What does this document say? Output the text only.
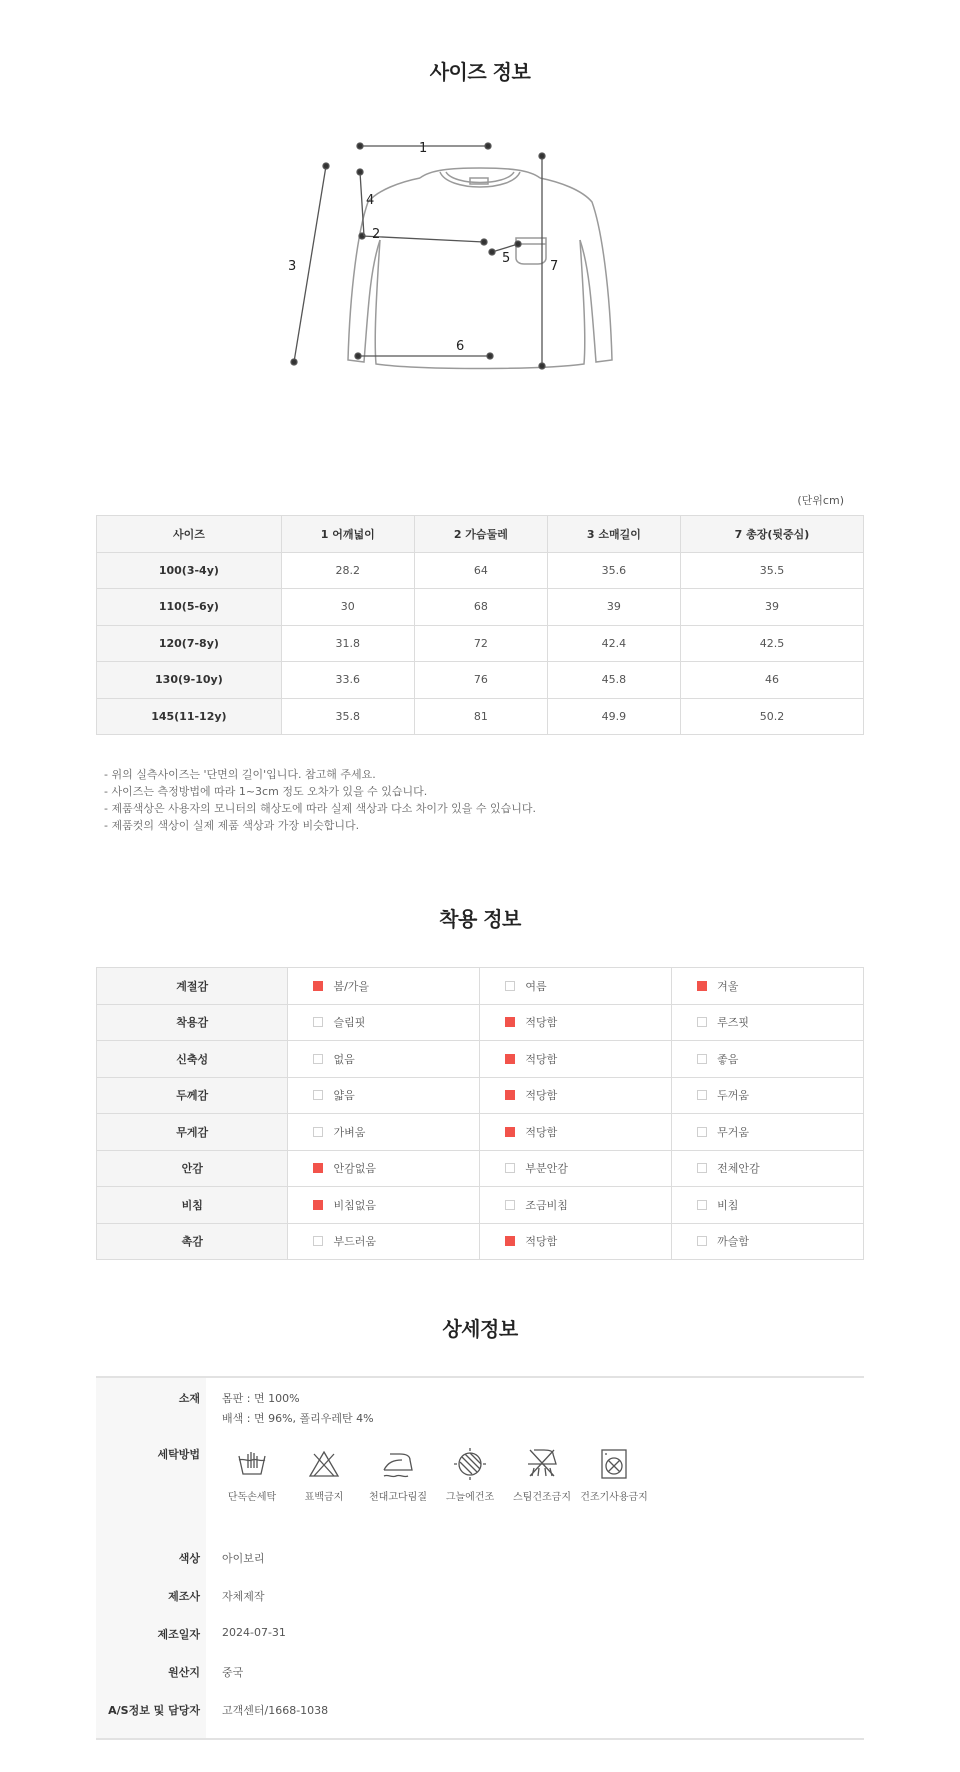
사이즈 정보
1
2
3
4
5
6
7
(단위cm)
사이즈	1 어깨넓이	2 가슴둘레	3 소매길이	7 총장(뒷중심)
100(3-4y)	28.2	64	35.6	35.5
110(5-6y)	30	68	39	39
120(7-8y)	31.8	72	42.4	42.5
130(9-10y)	33.6	76	45.8	46
145(11-12y)	35.8	81	49.9	50.2
- 위의 실측사이즈는 '단면의 길이'입니다. 참고해 주세요.
- 사이즈는 측정방법에 따라 1~3cm 정도 오차가 있을 수 있습니다.
- 제품색상은 사용자의 모니터의 해상도에 따라 실제 색상과 다소 차이가 있을 수 있습니다.
- 제품컷의 색상이 실제 제품 색상과 가장 비슷합니다.
착용 정보
계절감	봄/가을	여름	겨울

착용감	슬림핏	적당함	루즈핏

신축성	없음	적당함	좋음

두께감	얇음	적당함	두꺼움

무게감	가벼움	적당함	무거움

안감	안감없음	부분안감	전체안감

비침	비침없음	조금비침	비침

촉감	부드러움	적당함	까슬함
상세정보
소재 몸판 : 면 100%
배색 : 면 96%, 폴리우레탄 4%
세탁방법
단독손세탁	표백금지	천대고다림질	그늘에건조	스팀건조금지 건조기사용금지
색상 아이보리
제조사 자체제작
제조일자 2024-07-31
원산지 중국
A/S정보 및 담당자 고객센터/1668-1038
